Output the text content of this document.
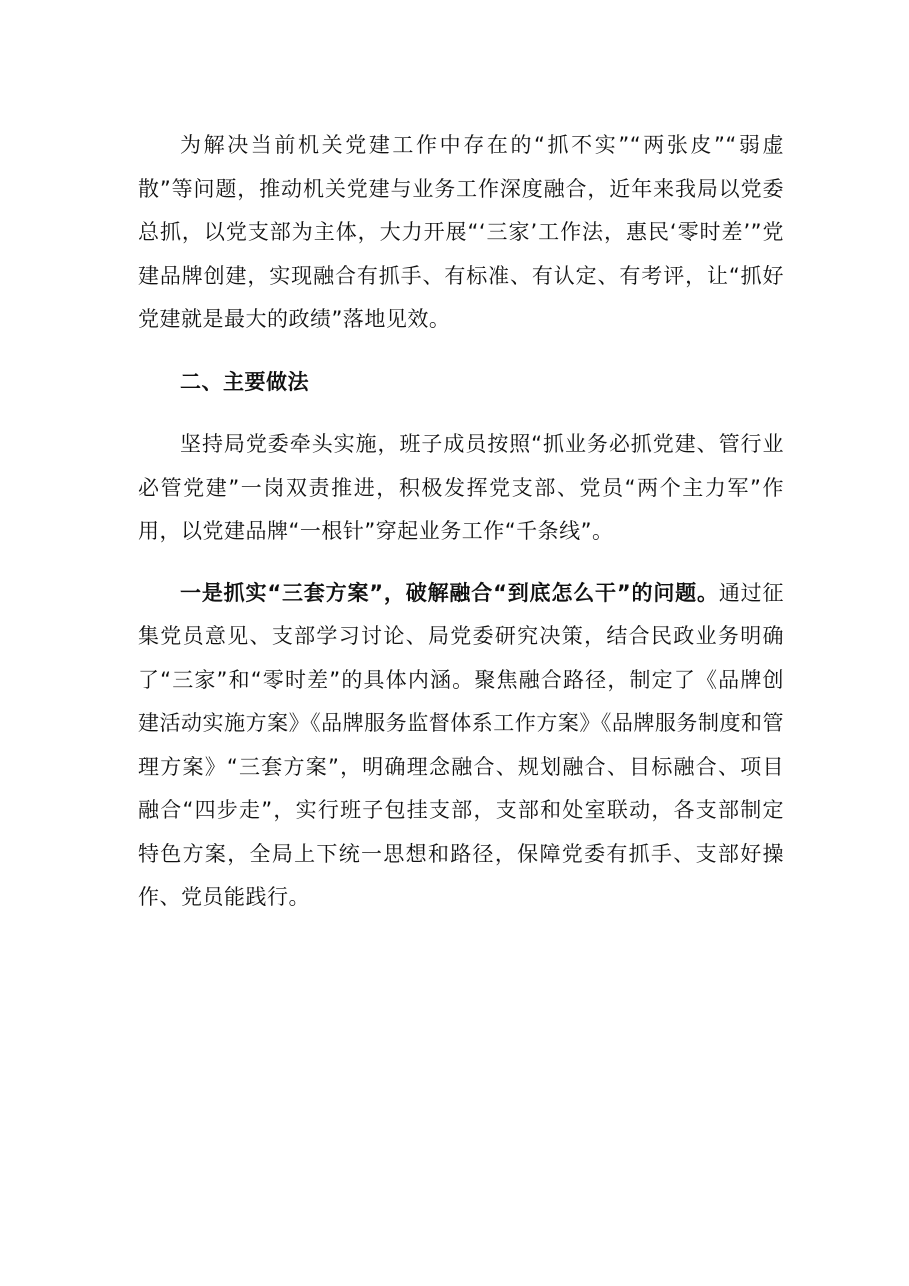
为解决当前机关党建工作中存在的“抓不实”“两张皮”“弱虚散”等问题，推动机关党建与业务工作深度融合，近年来我局以党委总抓，以党支部为主体，大力开展“‘三家’工作法，惠民‘零时差’”党建品牌创建，实现融合有抓手、有标准、有认定、有考评，让“抓好党建就是最大的政绩”落地见效。

二、主要做法

坚持局党委牵头实施，班子成员按照“抓业务必抓党建、管行业必管党建”一岗双责推进，积极发挥党支部、党员“两个主力军”作用，以党建品牌“一根针”穿起业务工作“千条线”。

一是抓实“三套方案”，破解融合“到底怎么干”的问题。通过征集党员意见、支部学习讨论、局党委研究决策，结合民政业务明确了“三家”和“零时差”的具体内涵。聚焦融合路径，制定了《品牌创建活动实施方案》《品牌服务监督体系工作方案》《品牌服务制度和管理方案》“三套方案”，明确理念融合、规划融合、目标融合、项目融合“四步走”，实行班子包挂支部，支部和处室联动，各支部制定特色方案，全局上下统一思想和路径，保障党委有抓手、支部好操作、党员能践行。
